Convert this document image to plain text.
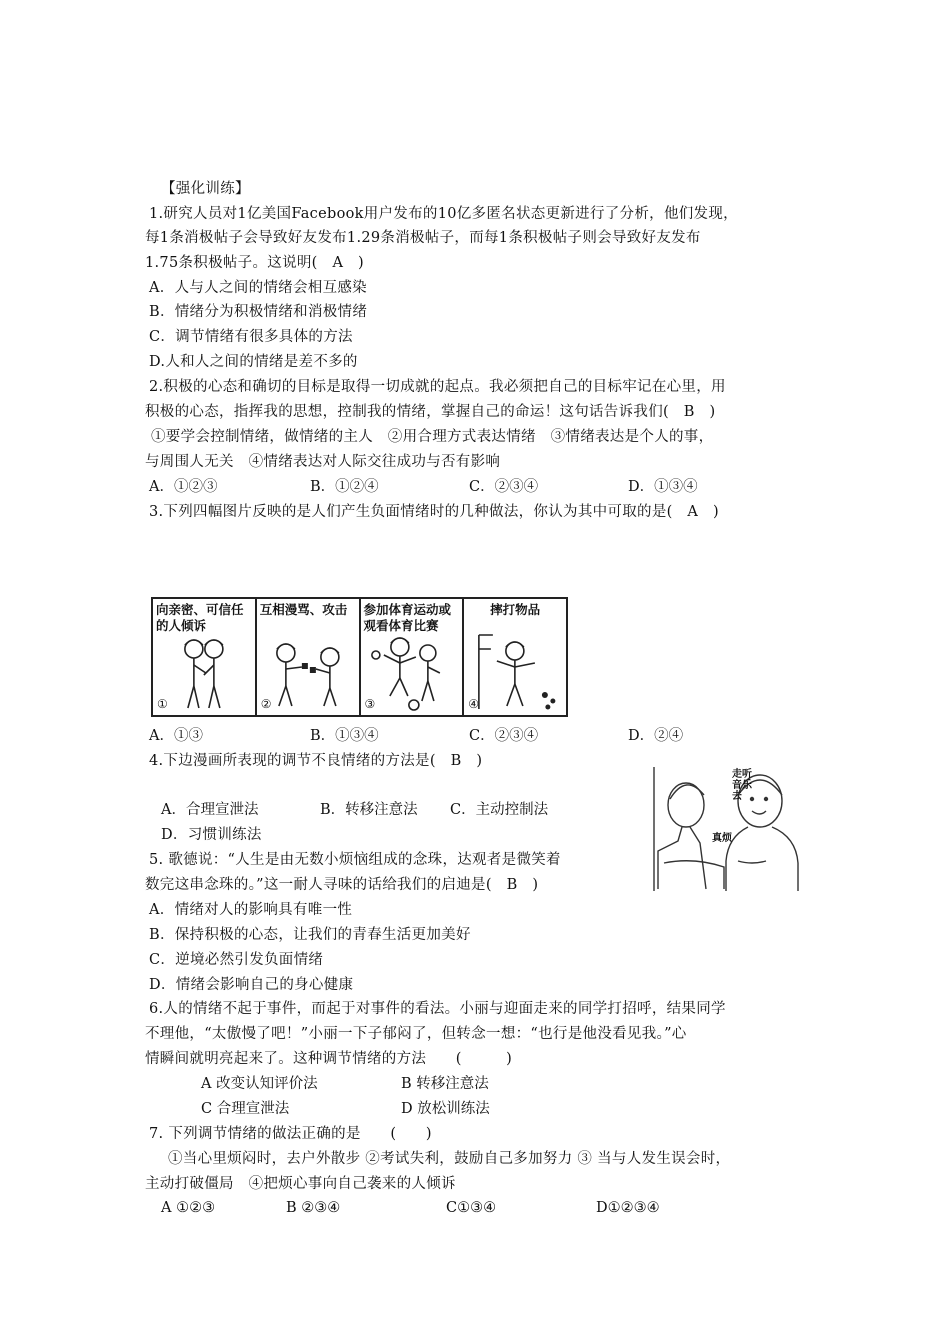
【强化训练】
1.研究人员对1亿美国Facebook用户发布的10亿多匿名状态更新进行了分析，他们发现，
每1条消极帖子会导致好友发布1.29条消极帖子，而每1条积极帖子则会导致好友发布
1.75条积极帖子。这说明(　A　)
A．人与人之间的情绪会相互感染
B．情绪分为积极情绪和消极情绪
C．调节情绪有很多具体的方法
D.人和人之间的情绪是差不多的
2.积极的心态和确切的目标是取得一切成就的起点。我必须把自己的目标牢记在心里，用
积极的心态，指挥我的思想，控制我的情绪，掌握自己的命运！这句话告诉我们(　B　)
①要学会控制情绪，做情绪的主人　②用合理方式表达情绪　③情绪表达是个人的事，
与周围人无关　④情绪表达对人际交往成功与否有影响
A．①②③	B．①②④	C．②③④	D．①③④
3.下列四幅图片反映的是人们产生负面情绪时的几种做法，你认为其中可取的是(　A　)
向亲密、可信任的人倾诉
①
互相漫骂、攻击
②
参加体育运动或观看体育比赛
③
摔打物品
④
A．①③	B．①③④	C．②③④	D．②④
4.下边漫画所表现的调节不良情绪的方法是(　B　)
A．合理宣泄法	B．转移注意法 C．主动控制法
D．习惯训练法
走听音乐去
真烦
5. 歌德说：“人生是由无数小烦恼组成的念珠，达观者是微笑着
数完这串念珠的。”这一耐人寻味的话给我们的启迪是(　B　)
A．情绪对人的影响具有唯一性
B．保持积极的心态，让我们的青春生活更加美好
C．逆境必然引发负面情绪
D．情绪会影响自己的身心健康
6.人的情绪不起于事件，而起于对事件的看法。小丽与迎面走来的同学打招呼，结果同学
不理他，“太傲慢了吧！”小丽一下子郁闷了，但转念一想：“也行是他没看见我。”心
情瞬间就明亮起来了。这种调节情绪的方法　　(　　　)
A 改变认知评价法	B 转移注意法
C 合理宣泄法	D 放松训练法
7. 下列调节情绪的做法正确的是　　(　　)
①当心里烦闷时，去户外散步 ②考试失利，鼓励自己多加努力 ③ 当与人发生误会时，
主动打破僵局　④把烦心事向自己袭来的人倾诉
A ①②③	B ②③④	C①③④	D①②③④
